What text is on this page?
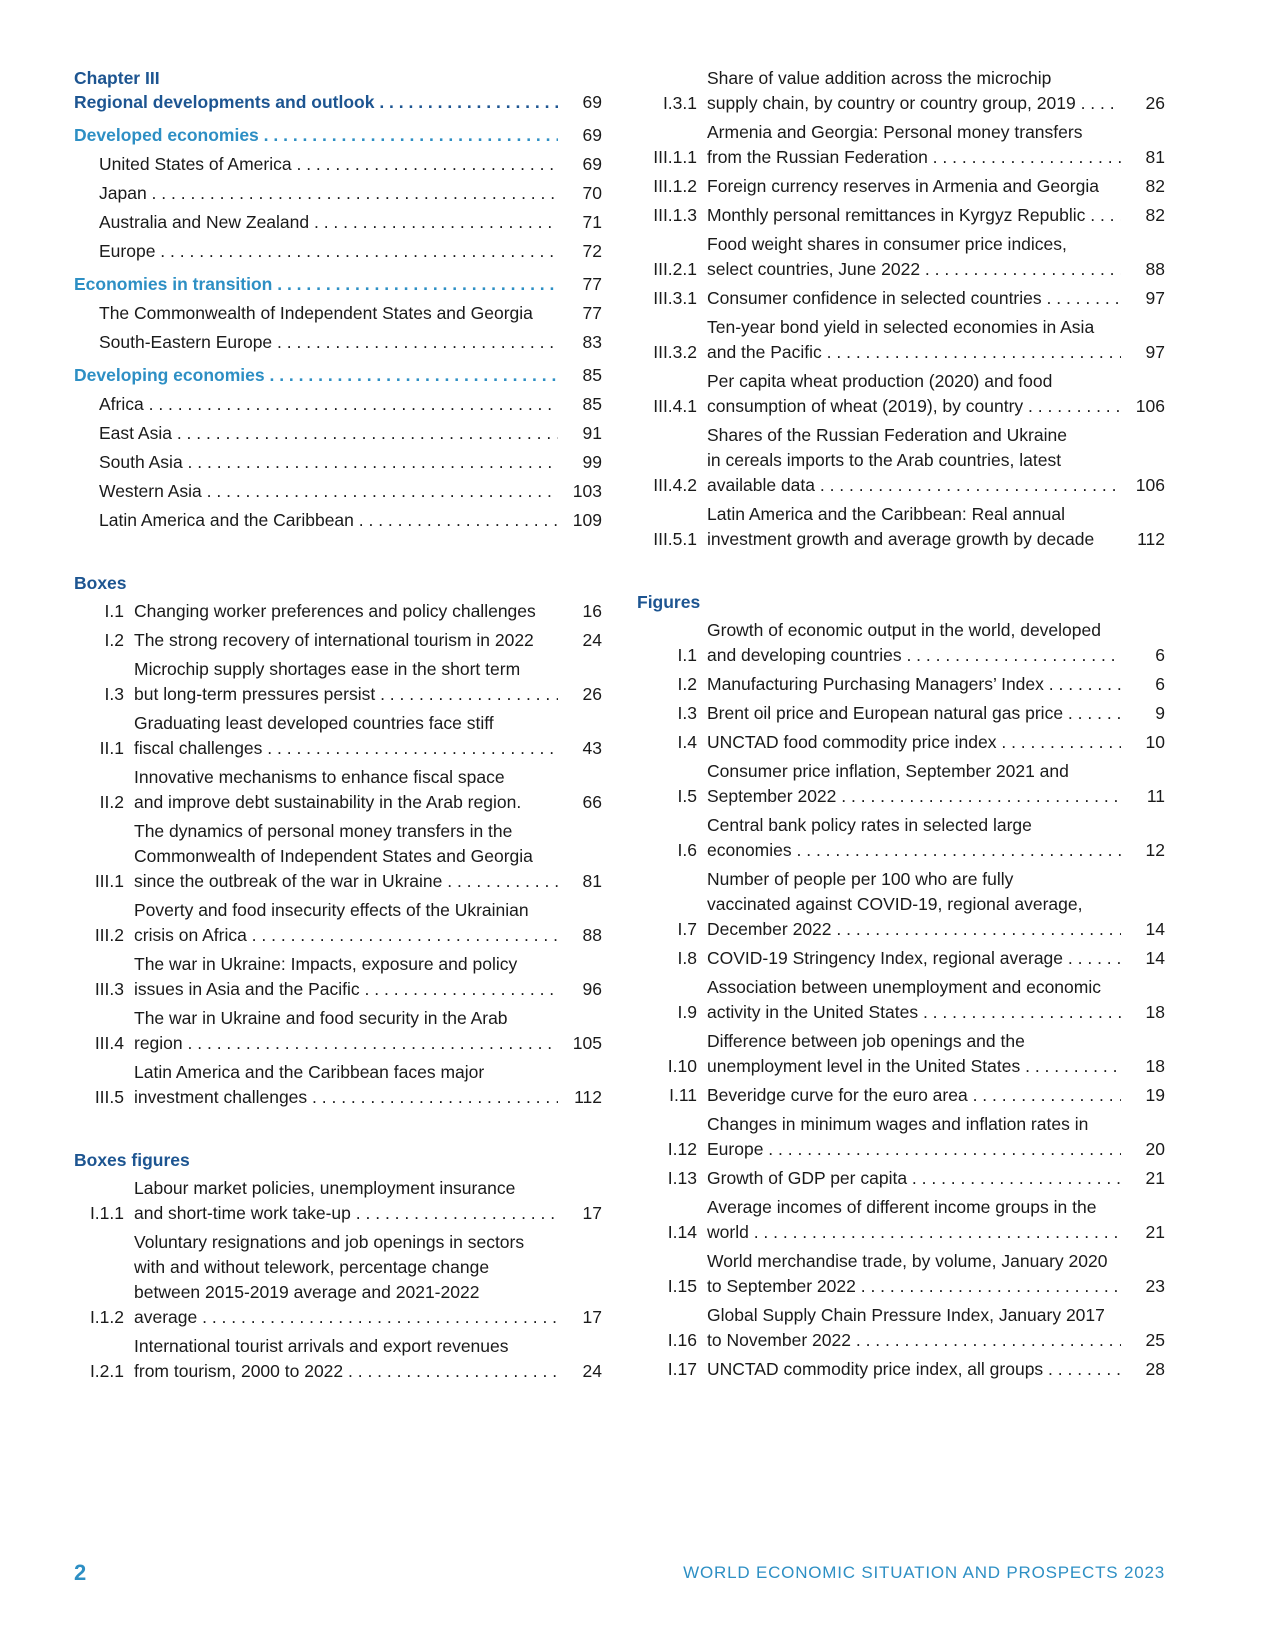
Chapter III
Regional developments and outlook . . .	69
Developed economies . . .	69
United States of America . . .	69
Japan . . .	70
Australia and New Zealand . . .	71
Europe . . .	72
Economies in transition . . .	77
The Commonwealth of Independent States and Georgia	77
South-Eastern Europe . . .	83
Developing economies . . .	85
Africa . . .	85
East Asia . . .	91
South Asia . . .	99
Western Asia . . .	103
Latin America and the Caribbean . . .	109
Boxes
I.1 Changing worker preferences and policy challenges	16
I.2 The strong recovery of international tourism in 2022	24
I.3
Microchip supply shortages ease in the short term
but long-term pressures persist . . .	26
II.1
Graduating least developed countries face stiff
fiscal challenges . . .	43
II.2
Innovative mechanisms to enhance fiscal space
and improve debt sustainability in the Arab region.	66
III.1
The dynamics of personal money transfers in the
Commonwealth of Independent States and Georgia
since the outbreak of the war in Ukraine . . .	81
III.2
Poverty and food insecurity effects of the Ukrainian
crisis on Africa . . .	88
III.3
The war in Ukraine: Impacts, exposure and policy
issues in Asia and the Pacific . . .	96
III.4
The war in Ukraine and food security in the Arab
region . . .	105
III.5
Latin America and the Caribbean faces major
investment challenges . . .	112
Boxes figures
I.1.1
Labour market policies, unemployment insurance
and short-time work take-up . . .	17
I.1.2
Voluntary resignations and job openings in sectors
with and without telework, percentage change
between 2015-2019 average and 2021-2022
average . . .	17
I.2.1
International tourist arrivals and export revenues
from tourism, 2000 to 2022 . . .	24
I.3.1
Share of value addition across the microchip
supply chain, by country or country group, 2019 . . .	26
III.1.1
Armenia and Georgia: Personal money transfers
from the Russian Federation . . .	81
III.1.2 Foreign currency reserves in Armenia and Georgia	82
III.1.3 Monthly personal remittances in Kyrgyz Republic . . .	82
III.2.1
Food weight shares in consumer price indices,
select countries, June 2022 . . .	88
III.3.1 Consumer confidence in selected countries . . .	97
III.3.2
Ten-year bond yield in selected economies in Asia
and the Pacific . . .	97
III.4.1
Per capita wheat production (2020) and food
consumption of wheat (2019), by country . . .	106
III.4.2
Shares of the Russian Federation and Ukraine
in cereals imports to the Arab countries, latest
available data . . .	106
III.5.1
Latin America and the Caribbean: Real annual
investment growth and average growth by decade	112
Figures
I.1
Growth of economic output in the world, developed
and developing countries . . .	6
I.2 Manufacturing Purchasing Managers’ Index . . .	6
I.3 Brent oil price and European natural gas price . . .	9
I.4 UNCTAD food commodity price index . . .	10
I.5
Consumer price inflation, September 2021 and
September 2022 . . .	11
I.6
Central bank policy rates in selected large
economies . . .	12
I.7
Number of people per 100 who are fully
vaccinated against COVID-19, regional average,
December 2022 . . .	14
I.8 COVID-19 Stringency Index, regional average . . .	14
I.9
Association between unemployment and economic
activity in the United States . . .	18
I.10
Difference between job openings and the
unemployment level in the United States . . .	18
I.11 Beveridge curve for the euro area . . .	19
I.12
Changes in minimum wages and inflation rates in
Europe . . .	20
I.13 Growth of GDP per capita . . .	21
I.14
Average incomes of different income groups in the
world . . .	21
I.15
World merchandise trade, by volume, January 2020
to September 2022 . . .	23
I.16
Global Supply Chain Pressure Index, January 2017
to November 2022 . . .	25
I.17 UNCTAD commodity price index, all groups . . .	28
2	WORLD ECONOMIC SITUATION AND PROSPECTS 2023
